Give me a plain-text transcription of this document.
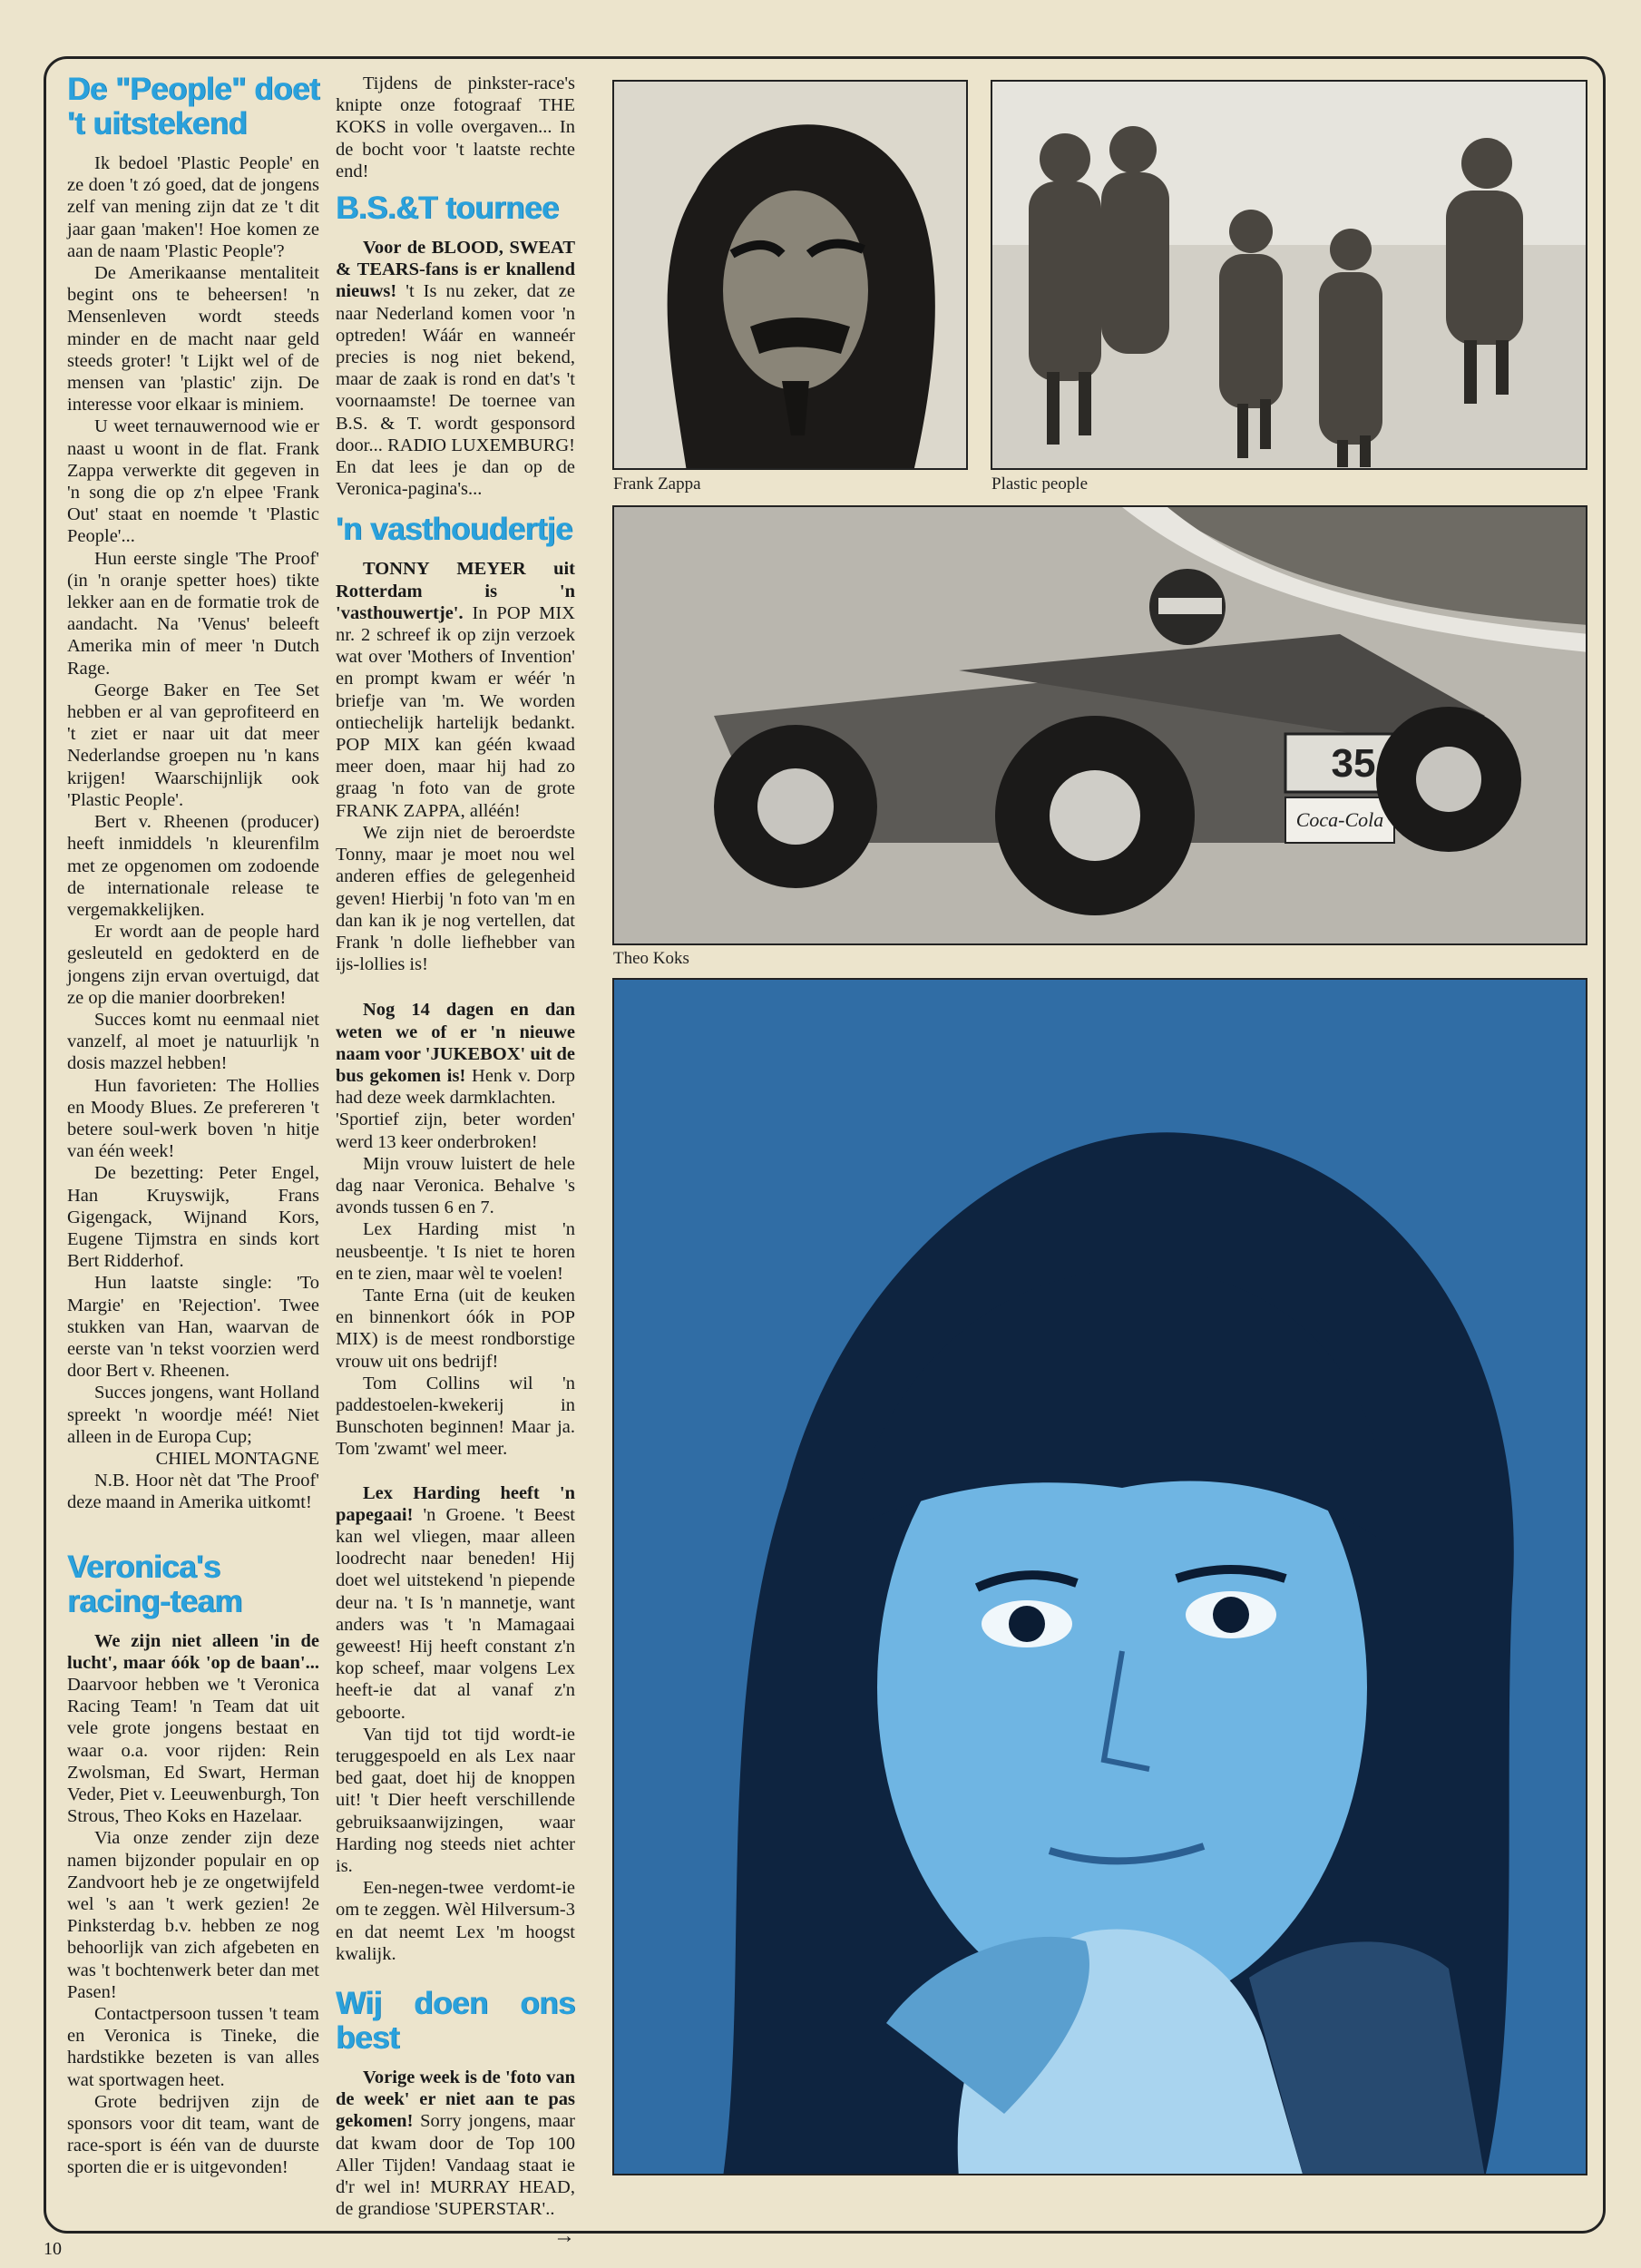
De "People" doet 't uitstekend

Ik bedoel 'Plastic People' en ze doen 't zó goed, dat de jongens zelf van mening zijn dat ze 't dit jaar gaan 'maken'! Hoe komen ze aan de naam 'Plastic People'?

De Amerikaanse mentaliteit begint ons te beheersen! 'n Mensenleven wordt steeds minder en de macht naar geld steeds groter! 't Lijkt wel of de mensen van 'plastic' zijn. De interesse voor elkaar is miniem.

U weet ternauwernood wie er naast u woont in de flat. Frank Zappa verwerkte dit gegeven in 'n song die op z'n elpee 'Frank Out' staat en noemde 't 'Plastic People'...

Hun eerste single 'The Proof' (in 'n oranje spetter hoes) tikte lekker aan en de formatie trok de aandacht. Na 'Venus' beleeft Amerika min of meer 'n Dutch Rage.

George Baker en Tee Set hebben er al van geprofiteerd en 't ziet er naar uit dat meer Nederlandse groepen nu 'n kans krijgen! Waarschijnlijk ook 'Plastic People'.

Bert v. Rheenen (producer) heeft inmiddels 'n kleurenfilm met ze opgenomen om zodoende de internationale release te vergemakkelijken.

Er wordt aan de people hard gesleuteld en gedokterd en de jongens zijn ervan overtuigd, dat ze op die manier doorbreken!

Succes komt nu eenmaal niet vanzelf, al moet je natuurlijk 'n dosis mazzel hebben!

Hun favorieten: The Hollies en Moody Blues. Ze prefereren 't betere soul-werk boven 'n hitje van één week!

De bezetting: Peter Engel, Han Kruyswijk, Frans Gigengack, Wijnand Kors, Eugene Tijmstra en sinds kort Bert Ridderhof.

Hun laatste single: 'To Margie' en 'Rejection'. Twee stukken van Han, waarvan de eerste van 'n tekst voorzien werd door Bert v. Rheenen.

Succes jongens, want Holland spreekt 'n woordje méé! Niet alleen in de Europa Cup;

CHIEL MONTAGNE

N.B. Hoor nèt dat 'The Proof' deze maand in Amerika uitkomt!

Veronica's racing-team

We zijn niet alleen 'in de lucht', maar óók 'op de baan'... Daarvoor hebben we 't Veronica Racing Team! 'n Team dat uit vele grote jongens bestaat en waar o.a. voor rijden: Rein Zwolsman, Ed Swart, Herman Veder, Piet v. Leeuwenburgh, Ton Strous, Theo Koks en Hazelaar.

Via onze zender zijn deze namen bijzonder populair en op Zandvoort heb je ze ongetwijfeld wel 's aan 't werk gezien! 2e Pinksterdag b.v. hebben ze nog behoorlijk van zich afgebeten en was 't bochtenwerk beter dan met Pasen!

Contactpersoon tussen 't team en Veronica is Tineke, die hardstikke bezeten is van alles wat sportwagen heet.

Grote bedrijven zijn de sponsors voor dit team, want de race-sport is één van de duurste sporten die er is uitgevonden!

Tijdens de pinkster-race's knipte onze fotograaf THE KOKS in volle overgaven... In de bocht voor 't laatste rechte end!

B.S.&T tournee

Voor de BLOOD, SWEAT & TEARS-fans is er knallend nieuws! 't Is nu zeker, dat ze naar Nederland komen voor 'n optreden! Wáár en wanneér precies is nog niet bekend, maar de zaak is rond en dat's 't voornaamste! De toernee van B.S. & T. wordt gesponsord door... RADIO LUXEMBURG! En dat lees je dan op de Veronica-pagina's...

'n vasthoudertje

TONNY MEYER uit Rotterdam is 'n 'vasthouwertje'. In POP MIX nr. 2 schreef ik op zijn verzoek wat over 'Mothers of Invention' en prompt kwam er wéér 'n briefje van 'm. We worden ontiechelijk hartelijk bedankt. POP MIX kan géén kwaad meer doen, maar hij had zo graag 'n foto van de grote FRANK ZAPPA, alléén!

We zijn niet de beroerdste Tonny, maar je moet nou wel anderen effies de gelegenheid geven! Hierbij 'n foto van 'm en dan kan ik je nog vertellen, dat Frank 'n dolle liefhebber van ijs-lollies is!

Nog 14 dagen en dan weten we of er 'n nieuwe naam voor 'JUKEBOX' uit de bus gekomen is! Henk v. Dorp had deze week darmklachten.

'Sportief zijn, beter worden' werd 13 keer onderbroken!

Mijn vrouw luistert de hele dag naar Veronica. Behalve 's avonds tussen 6 en 7.

Lex Harding mist 'n neusbeentje. 't Is niet te horen en te zien, maar wèl te voelen!

Tante Erna (uit de keuken en binnenkort óók in POP MIX) is de meest rondborstige vrouw uit ons bedrijf!

Tom Collins wil 'n paddestoelen-kwekerij in Bunschoten beginnen! Maar ja. Tom 'zwamt' wel meer.

Lex Harding heeft 'n papegaai! 'n Groene. 't Beest kan wel vliegen, maar alleen loodrecht naar beneden! Hij doet wel uitstekend 'n piepende deur na. 't Is 'n mannetje, want anders was 't 'n Mamagaai geweest! Hij heeft constant z'n kop scheef, maar volgens Lex heeft-ie dat al vanaf z'n geboorte.

Van tijd tot tijd wordt-ie teruggespoeld en als Lex naar bed gaat, doet hij de knoppen uit! 't Dier heeft verschillende gebruiksaanwijzingen, waar Harding nog steeds niet achter is.

Een-negen-twee verdomt-ie om te zeggen. Wèl Hilversum-3 en dat neemt Lex 'm hoogst kwalijk.

Wij doen ons best

Vorige week is de 'foto van de week' er niet aan te pas gekomen! Sorry jongens, maar dat kwam door de Top 100 Aller Tijden! Vandaag staat ie d'r wel in! MURRAY HEAD, de grandiose 'SUPERSTAR'..

→
Frank Zappa	Plastic people
35
Coca-Cola
Theo Koks
10
